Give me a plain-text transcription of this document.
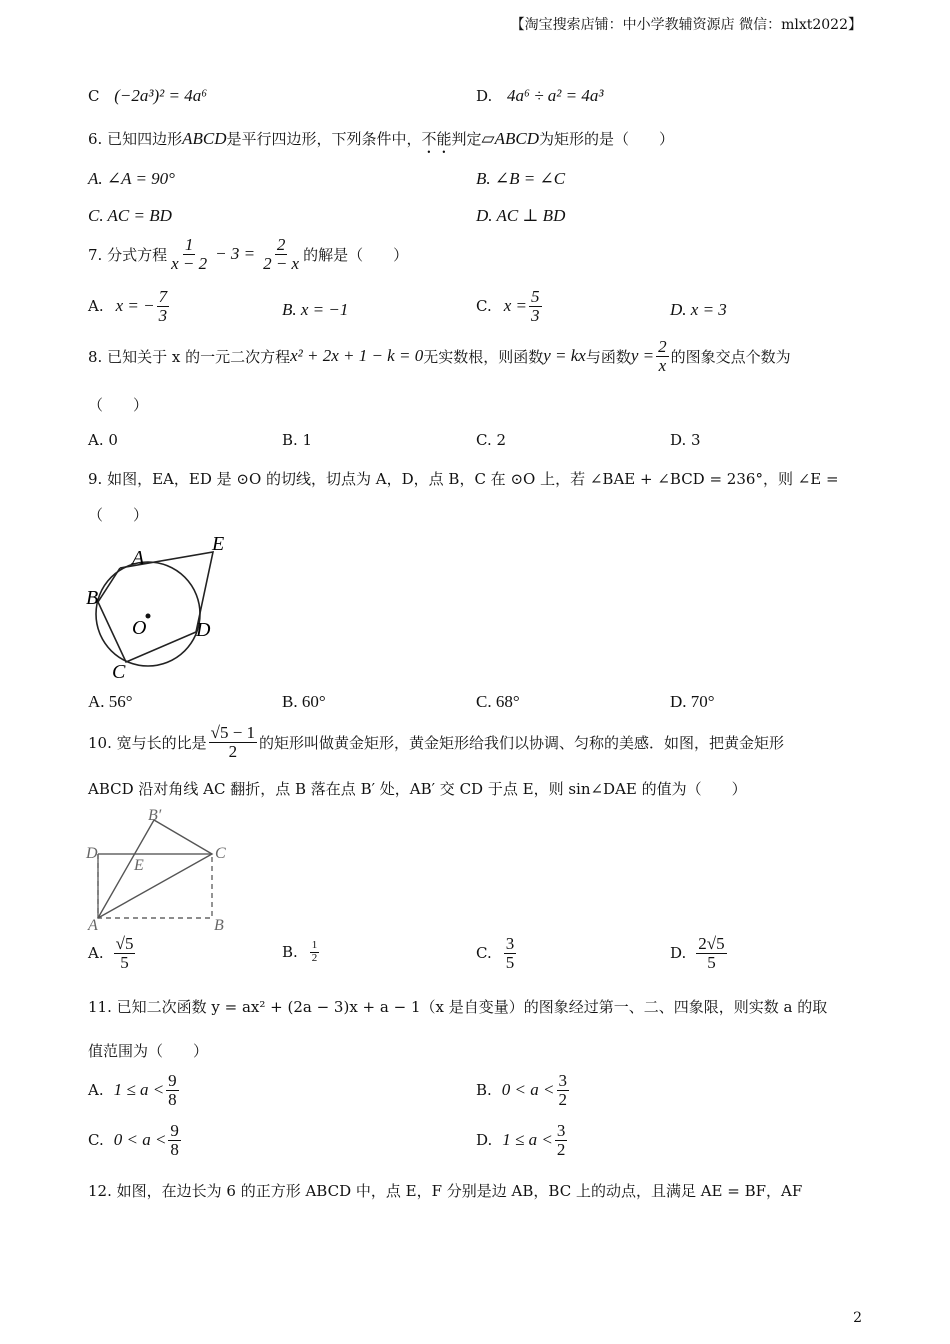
【淘宝搜索店铺：中小学教辅资源店 微信：mlxt2022】
C (−2a³)² = 4a⁶	D. 4a⁶ ÷ a² = 4a³
6. 已知四边形ABCD是平行四边形，下列条件中，不能判定▱ABCD为矩形的是（　　）
A. ∠A = 90°	B. ∠B = ∠C
C. AC = BD	D. AC ⊥ BD
7. 分式方程 $\frac{1}{x - 2} - 3 = \frac{2}{2 - x}$ 的解是（　　）
A. x = − $\frac{7}{3}$	B. x = −1	C. $x = \frac{5}{3}$	D. x = 3
8. 已知关于 x 的一元二次方程 x² + 2x + 1 − k = 0 无实数根，则函数 y = kx 与函数 $y = \frac{2}{x}$ 的图象交点个数为
（　　）
A. 0	B. 1	C. 2	D. 3
9. 如图，EA，ED 是 ⊙O 的切线，切点为 A，D，点 B，C 在 ⊙O 上，若 ∠BAE + ∠BCD = 236°，则 ∠E =
（　　）
A
E
B
O D
C
A. 56°	B. 60°	C. 68°	D. 70°
10. 宽与长的比是 $\frac{√5 - 1}{2}$ 的矩形叫做黄金矩形，黄金矩形给我们以协调、匀称的美感．如图，把黄金矩形
ABCD 沿对角线 AC 翻折，点 B 落在点 B′ 处，AB′ 交 CD 于点 E，则 sin∠DAE 的值为（　　）
B′
D
E
C
A	B
A. $\frac{√5}{5}$	B. $\frac{1}{2}$	C. $\frac{3}{5}$	D. $\frac{2√5}{5}$
11. 已知二次函数 y = ax² + (2a − 3)x + a − 1（x 是自变量）的图象经过第一、二、四象限，则实数 a 的取
值范围为（　　）
A. $1 \le a < \frac{9}{8}$	B. $0 < a < \frac{3}{2}$
C. $0 < a < \frac{9}{8}$	D. $1 \le a < \frac{3}{2}$
12. 如图，在边长为 6 的正方形 ABCD 中，点 E，F 分别是边 AB，BC 上的动点，且满足 AE = BF，AF
2
